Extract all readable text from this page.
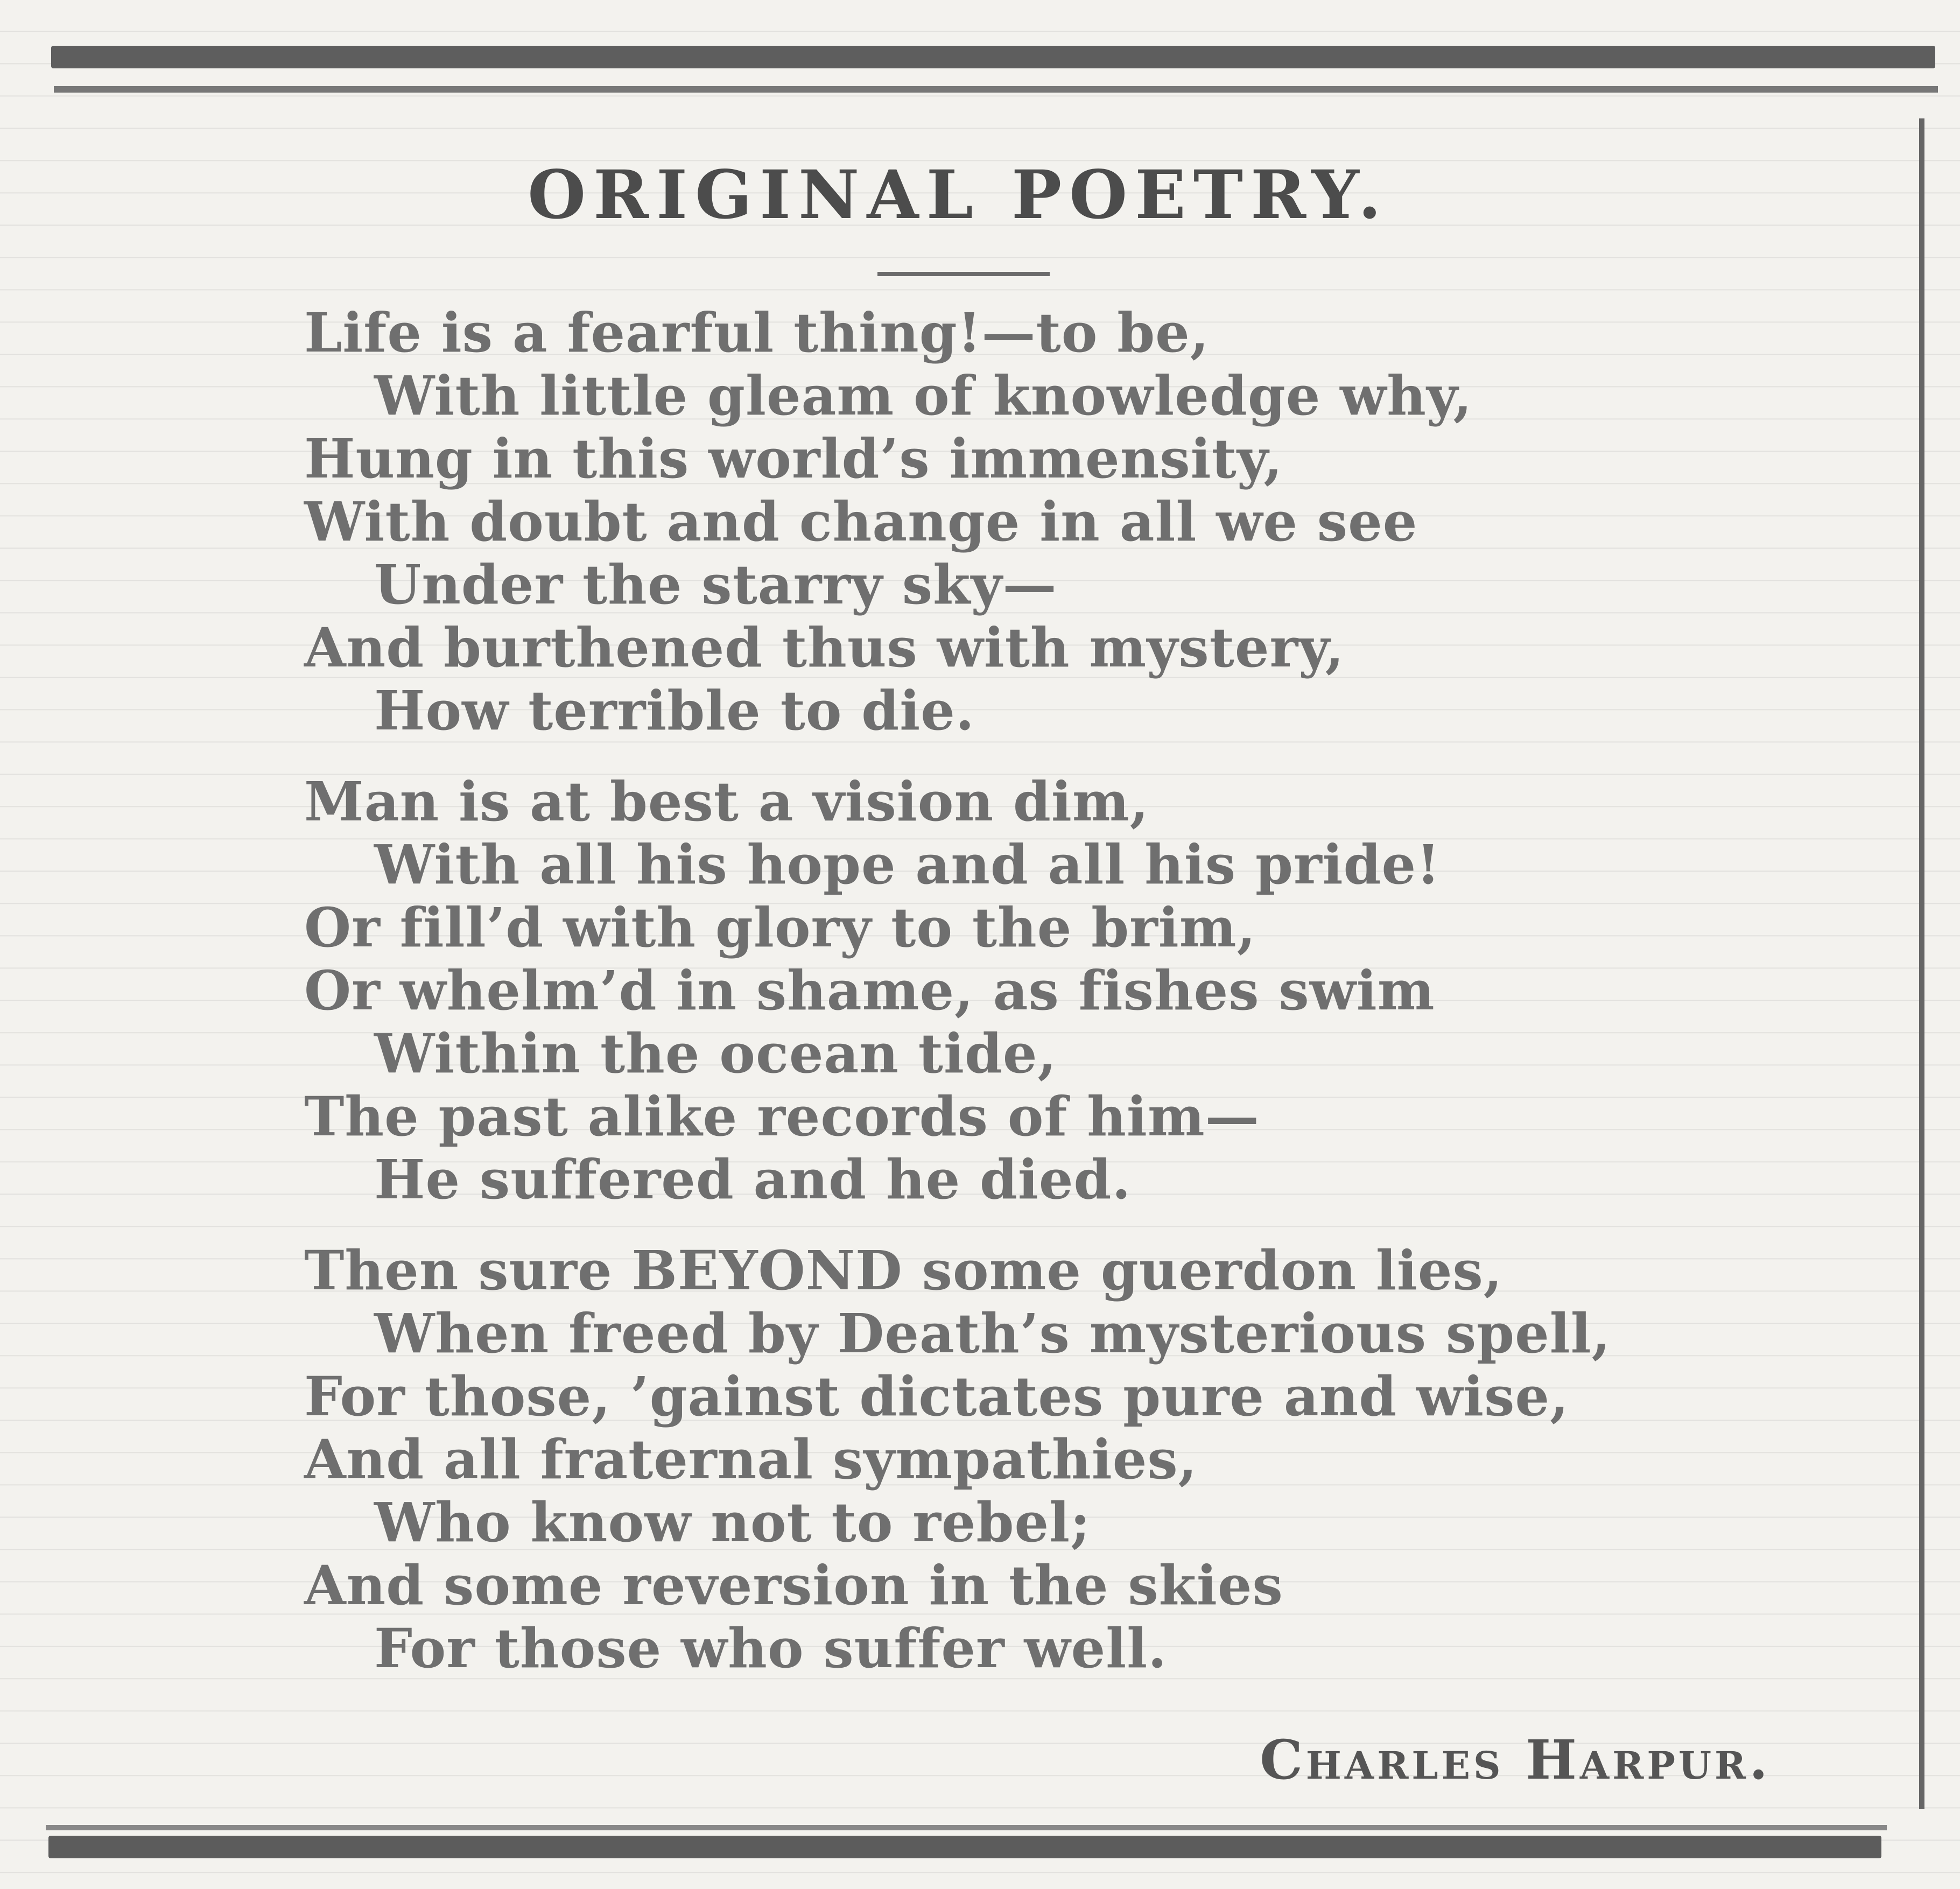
ORIGINAL POETRY.
Life is a fearful thing!—to be,
With little gleam of knowledge why,
Hung in this world’s immensity,
With doubt and change in all we see
Under the starry sky—
And burthened thus with mystery,
How terrible to die.
Man is at best a vision dim,
With all his hope and all his pride!
Or fill’d with glory to the brim,
Or whelm’d in shame, as fishes swim
Within the ocean tide,
The past alike records of him—
He suffered and he died.
Then sure BEYOND some guerdon lies,
When freed by Death’s mysterious spell,
For those, ’gainst dictates pure and wise,
And all fraternal sympathies,
Who know not to rebel;
And some reversion in the skies
For those who suffer well.
Charles Harpur.
